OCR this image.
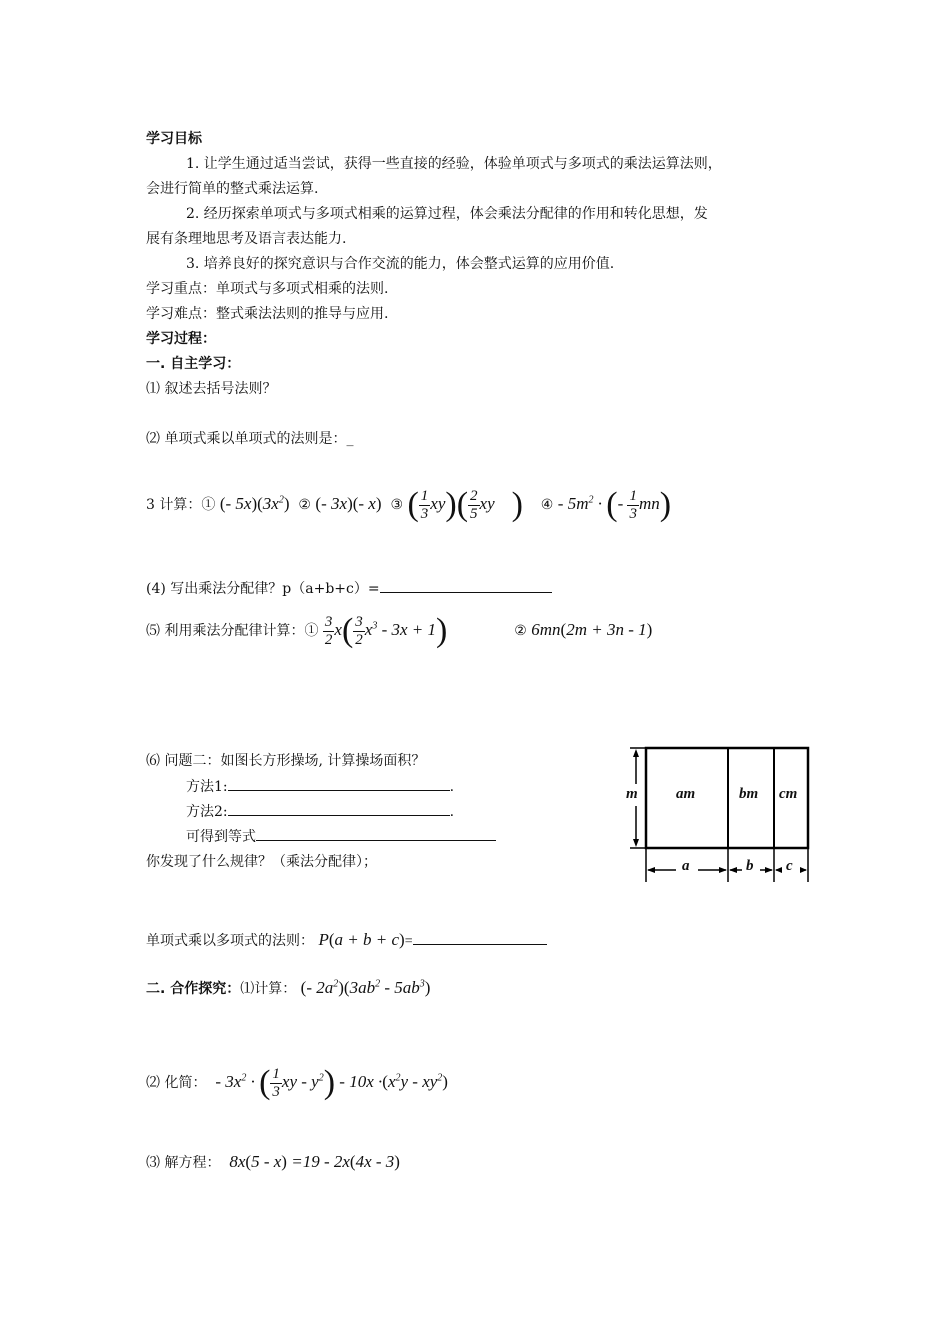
学习目标
1. 让学生通过适当尝试，获得一些直接的经验，体验单项式与多项式的乘法运算法则，
会进行简单的整式乘法运算.
2. 经历探索单项式与多项式相乘的运算过程，体会乘法分配律的作用和转化思想，发
展有条理地思考及语言表达能力.
3. 培养良好的探究意识与合作交流的能力，体会整式运算的应用价值.
学习重点：单项式与多项式相乘的法则.
学习难点：整式乘法法则的推导与应用.
学习过程：
一. 自主学习：
⑴ 叙述去括号法则？
⑵ 单项式乘以单项式的法则是：_
3 计算：① (- $5x)(3x^2)$ ② (- 3x)(- x) ③ ( $\frac{1}{3} xy)( \frac{2}{5}$ xy  ) ④ - $5m^2$ · (- $\frac{1}{3} mn$)
(4) 写出乘法分配律？p（a+b+c）=
⑸ 利用乘法分配律计算：① $\frac{3}{2} x( \frac{3}{2} x^3 - 3x + 1)$	② 6mn(2m + 3n - 1)
⑹ 问题二：如图长方形操场, 计算操场面积？
方法1:	.
方法2:	.
可得到等式
你发现了什么规律？（乘法分配律）；
m	am	bm cm
a	b c
单项式乘以多项式的法则： P(a + b + c)=
二. 合作探究：⑴计算： (- $2a^2)(3ab^2 - 5ab^3)$
⑵ 化简： - $3x^2$ · ( $\frac{1}{3}$ xy - $y^2) - 10x \cdot(x^2y - xy^2)$
⑶ 解方程： 8x(5 - x) =19 - 2x(4x - 3)
